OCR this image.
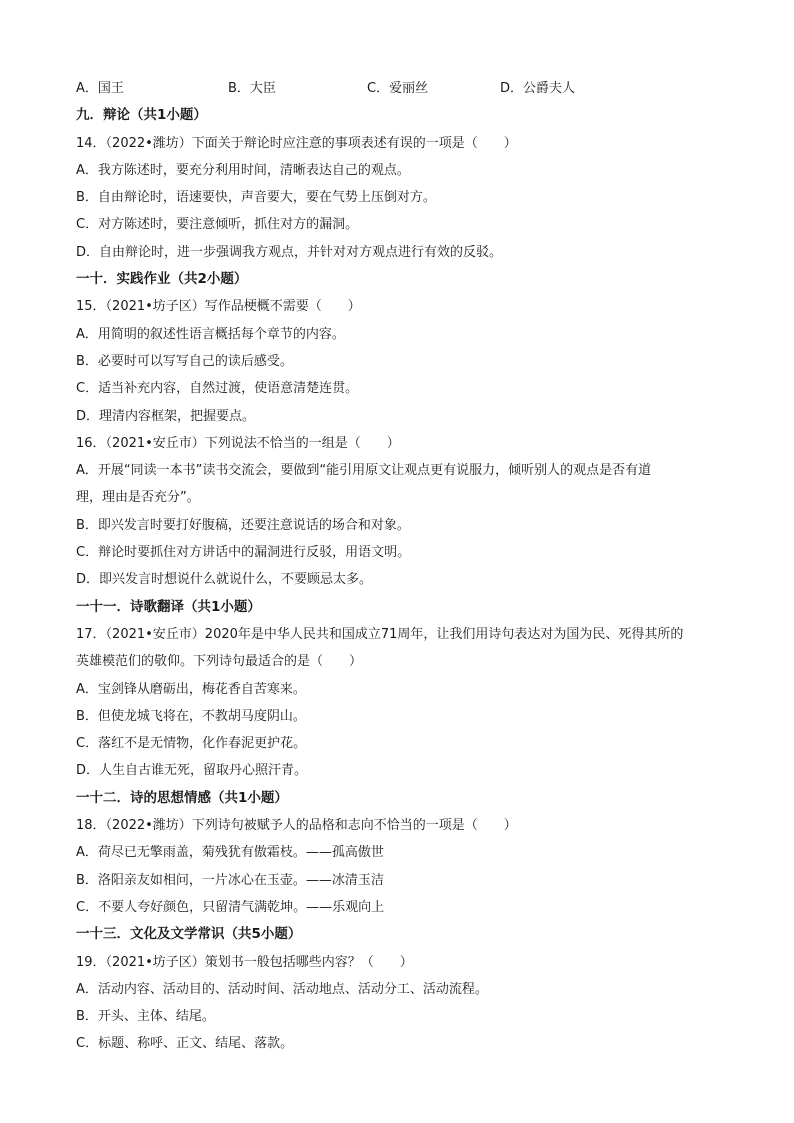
A．国王	B．大臣	C．爱丽丝	D．公爵夫人
九．辩论（共1小题）
14．（2022•潍坊）下面关于辩论时应注意的事项表述有误的一项是（　　）
A．我方陈述时，要充分利用时间，清晰表达自己的观点。
B．自由辩论时，语速要快，声音要大，要在气势上压倒对方。
C．对方陈述时，要注意倾听，抓住对方的漏洞。
D．自由辩论时，进一步强调我方观点，并针对对方观点进行有效的反驳。
一十．实践作业（共2小题）
15．（2021•坊子区）写作品梗概不需要（　　）
A．用简明的叙述性语言概括每个章节的内容。
B．必要时可以写写自己的读后感受。
C．适当补充内容，自然过渡，使语意清楚连贯。
D．理清内容框架，把握要点。
16．（2021•安丘市）下列说法不恰当的一组是（　　）
A．开展“同读一本书”读书交流会，要做到“能引用原文让观点更有说服力，倾听别人的观点是否有道
理，理由是否充分”。
B．即兴发言时要打好腹稿，还要注意说话的场合和对象。
C．辩论时要抓住对方讲话中的漏洞进行反驳，用语文明。
D．即兴发言时想说什么就说什么，不要顾忌太多。
一十一．诗歌翻译（共1小题）
17．（2021•安丘市）2020年是中华人民共和国成立71周年，让我们用诗句表达对为国为民、死得其所的
英雄模范们的敬仰。下列诗句最适合的是（　　）
A．宝剑锋从磨砺出，梅花香自苦寒来。
B．但使龙城飞将在，不教胡马度阴山。
C．落红不是无情物，化作春泥更护花。
D．人生自古谁无死，留取丹心照汗青。
一十二．诗的思想情感（共1小题）
18．（2022•潍坊）下列诗句被赋予人的品格和志向不恰当的一项是（　　）
A．荷尽已无擎雨盖，菊残犹有傲霜枝。——孤高傲世
B．洛阳亲友如相问，一片冰心在玉壶。——冰清玉洁
C．不要人夸好颜色，只留清气满乾坤。——乐观向上
一十三．文化及文学常识（共5小题）
19．（2021•坊子区）策划书一般包括哪些内容？（　　）
A．活动内容、活动目的、活动时间、活动地点、活动分工、活动流程。
B．开头、主体、结尾。
C．标题、称呼、正文、结尾、落款。
